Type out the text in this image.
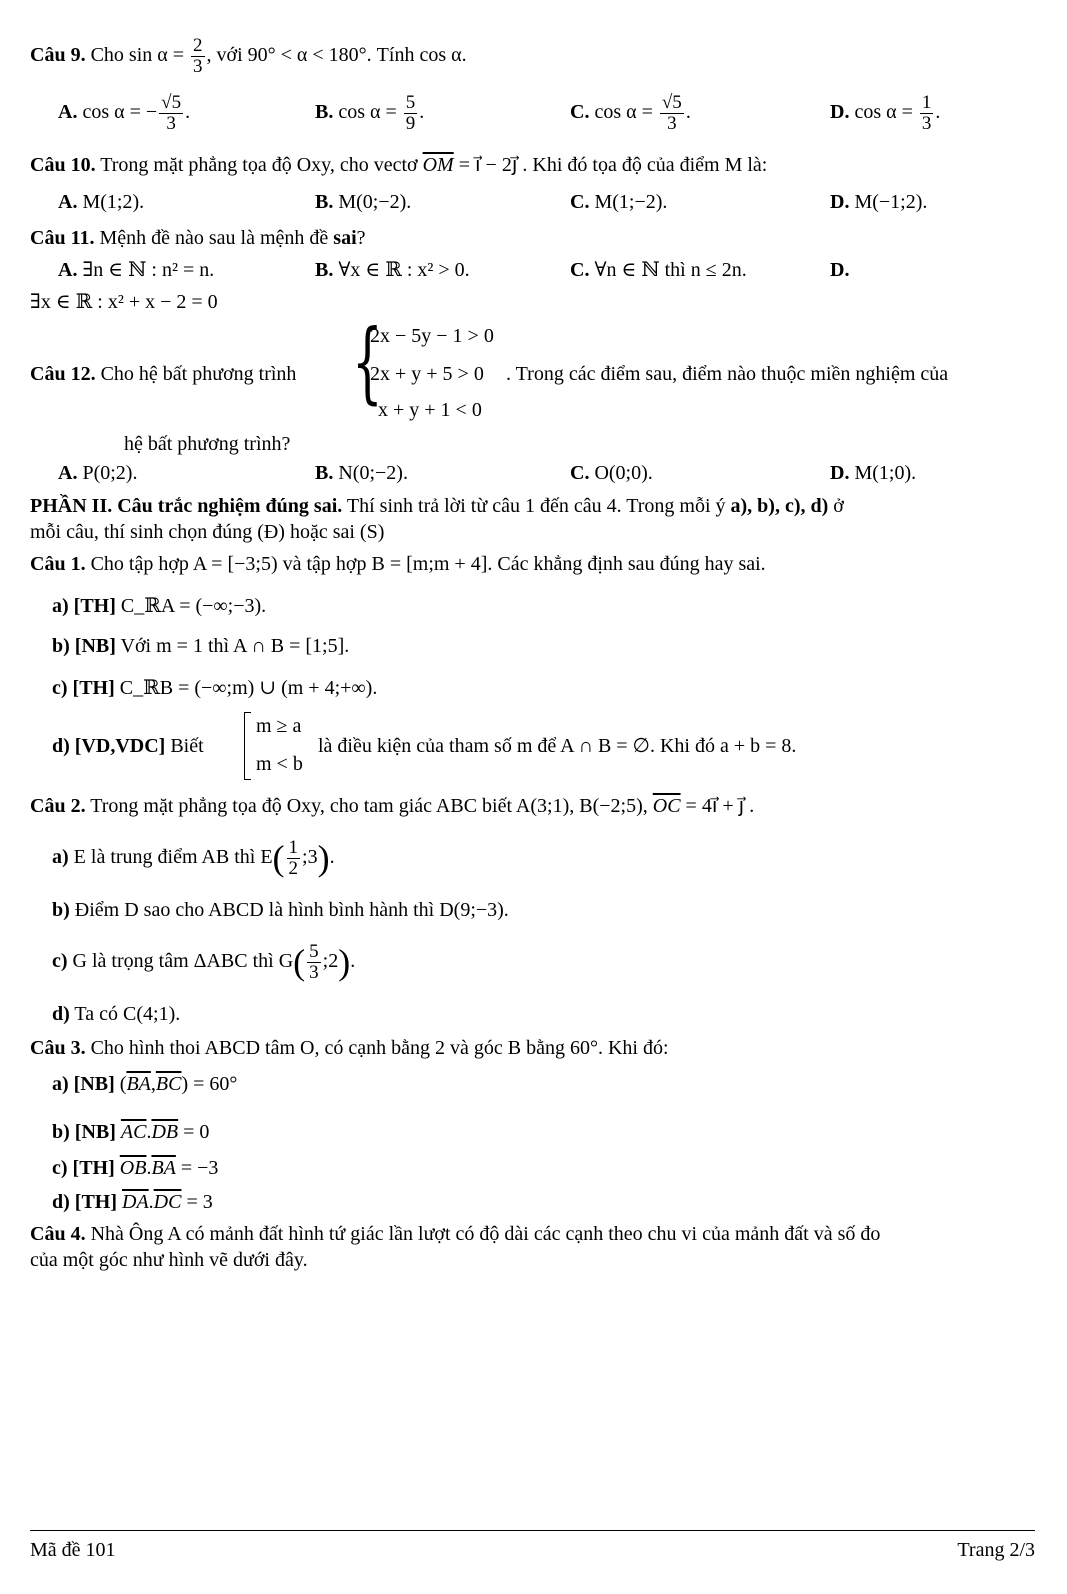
Câu 9. Cho $\sin \alpha = \frac{2}{3}$ , với 90° < α < 180°. Tính cos α.
A. cos α = − $\frac{√5}{3}$ .	B. $\cos \alpha = \frac{5}{9}$ .	C. $\cos \alpha = \frac{√5}{3}$ .	D. $\cos \alpha = \frac{1}{3}$ .
Câu 10. Trong mặt phẳng tọa độ Oxy, cho vectơ $\overline{OM}$ = i⃗ − 2j⃗ . Khi đó tọa độ của điểm M là:
A. M(1;2).	B. M(0;−2).	C. M(1;−2).	D. M(−1;2).
Câu 11. Mệnh đề nào sau là mệnh đề sai?
A. ∃n ∈ ℕ : n² = n.	B. ∀x ∈ ℝ : x² > 0.	C. ∀n ∈ ℕ thì n ≤ 2n.	D.
∃x ∈ ℝ : x² + x − 2 = 0
Câu 12. Cho hệ bất phương trình {
2x − 5y − 1 > 0
2x + y + 5 > 0
x + y + 1 < 0
. Trong các điểm sau, điểm nào thuộc miền nghiệm của
hệ bất phương trình?
A. P(0;2).	B. N(0;−2).	C. O(0;0).	D. M(1;0).
PHẦN II. Câu trắc nghiệm đúng sai. Thí sinh trả lời từ câu 1 đến câu 4. Trong mỗi ý a), b), c), d) ở
mỗi câu, thí sinh chọn đúng (Đ) hoặc sai (S)
Câu 1. Cho tập hợp A = [−3;5) và tập hợp B = [m;m + 4]. Các khẳng định sau đúng hay sai.
a) [TH] C_ℝA = (−∞;−3).
b) [NB] Với m = 1 thì A ∩ B = [1;5].
c) [TH] C_ℝB = (−∞;m) ∪ (m + 4;+∞).
d) [VD,VDC] Biết
m ≥ a
m < b
là điều kiện của tham số m để A ∩ B = ∅. Khi đó a + b = 8.
Câu 2. Trong mặt phẳng tọa độ Oxy, cho tam giác ABC biết A(3;1), B(−2;5), $\overline{OC}$ = 4i⃗ + j⃗ .
a) E là trung điểm AB thì $E( \frac{1}{2}$ ;3).
b) Điểm D sao cho ABCD là hình bình hành thì D(9;−3).
c) G là trọng tâm ΔABC thì $G( \frac{5}{3}$ ;2).
d) Ta có C(4;1).
Câu 3. Cho hình thoi ABCD tâm O, có cạnh bằng 2 và góc B bằng 60°. Khi đó:
a) [NB] $(\overline{BA},\overline{BC}) = 60^\circ$
b) [NB] $\overline{AC}.\overline{DB} = 0$
c) [TH] $\overline{OB}.\overline{BA} = -3$
d) [TH] $\overline{DA}.\overline{DC} = 3$
Câu 4. Nhà Ông A có mảnh đất hình tứ giác lần lượt có độ dài các cạnh theo chu vi của mảnh đất và số đo
của một góc như hình vẽ dưới đây.
Mã đề 101	Trang 2/3
